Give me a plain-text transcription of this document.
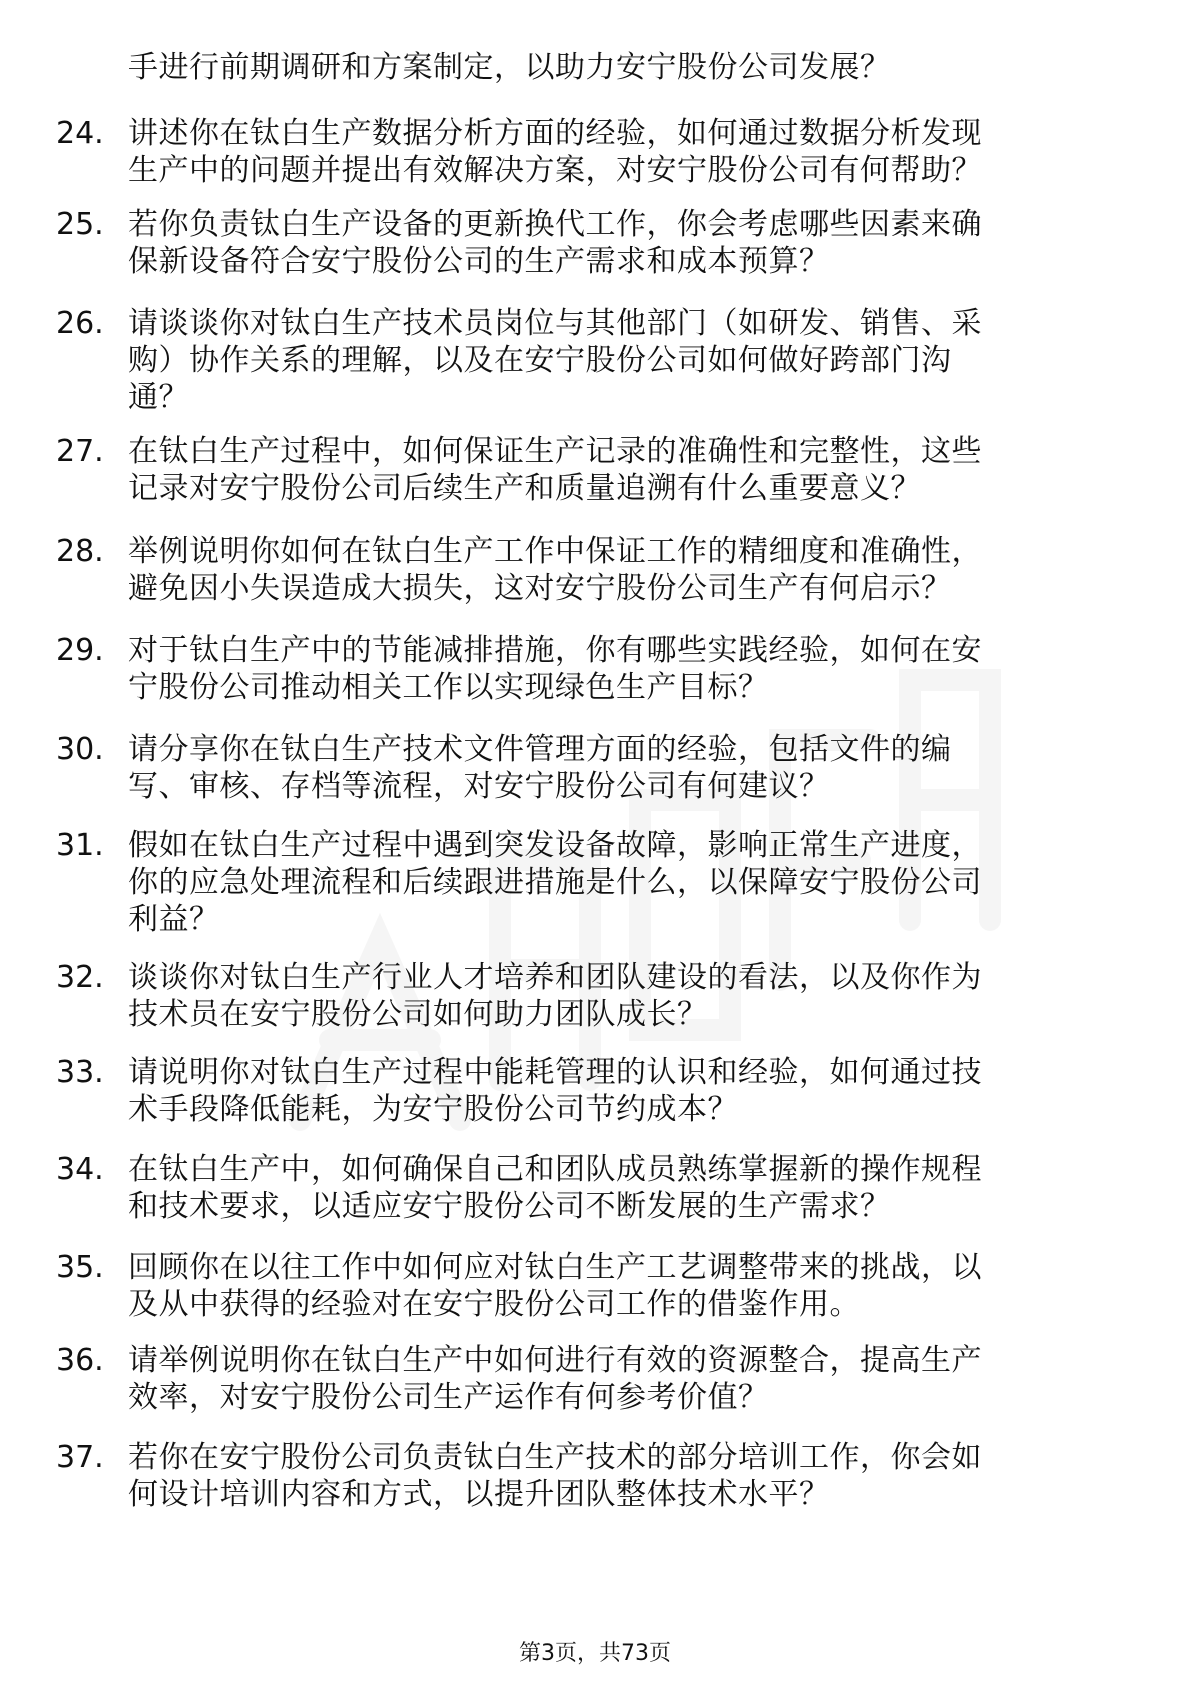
手进行前期调研和方案制定，以助力安宁股份公司发展？
24. 讲述你在钛白生产数据分析方面的经验，如何通过数据分析发现
生产中的问题并提出有效解决方案，对安宁股份公司有何帮助？
25. 若你负责钛白生产设备的更新换代工作，你会考虑哪些因素来确
保新设备符合安宁股份公司的生产需求和成本预算？
26. 请谈谈你对钛白生产技术员岗位与其他部门（如研发、销售、采
购）协作关系的理解，以及在安宁股份公司如何做好跨部门沟
通？
27. 在钛白生产过程中，如何保证生产记录的准确性和完整性，这些
记录对安宁股份公司后续生产和质量追溯有什么重要意义？
28. 举例说明你如何在钛白生产工作中保证工作的精细度和准确性，
避免因小失误造成大损失，这对安宁股份公司生产有何启示？
29. 对于钛白生产中的节能减排措施，你有哪些实践经验，如何在安
宁股份公司推动相关工作以实现绿色生产目标？
30. 请分享你在钛白生产技术文件管理方面的经验，包括文件的编
写、审核、存档等流程，对安宁股份公司有何建议？
31. 假如在钛白生产过程中遇到突发设备故障，影响正常生产进度，
你的应急处理流程和后续跟进措施是什么，以保障安宁股份公司
利益？
32. 谈谈你对钛白生产行业人才培养和团队建设的看法，以及你作为
技术员在安宁股份公司如何助力团队成长？
33. 请说明你对钛白生产过程中能耗管理的认识和经验，如何通过技
术手段降低能耗，为安宁股份公司节约成本？
34. 在钛白生产中，如何确保自己和团队成员熟练掌握新的操作规程
和技术要求，以适应安宁股份公司不断发展的生产需求？
35. 回顾你在以往工作中如何应对钛白生产工艺调整带来的挑战，以
及从中获得的经验对在安宁股份公司工作的借鉴作用。
36. 请举例说明你在钛白生产中如何进行有效的资源整合，提高生产
效率，对安宁股份公司生产运作有何参考价值？
37. 若你在安宁股份公司负责钛白生产技术的部分培训工作，你会如
何设计培训内容和方式，以提升团队整体技术水平？
第3页，共73页
